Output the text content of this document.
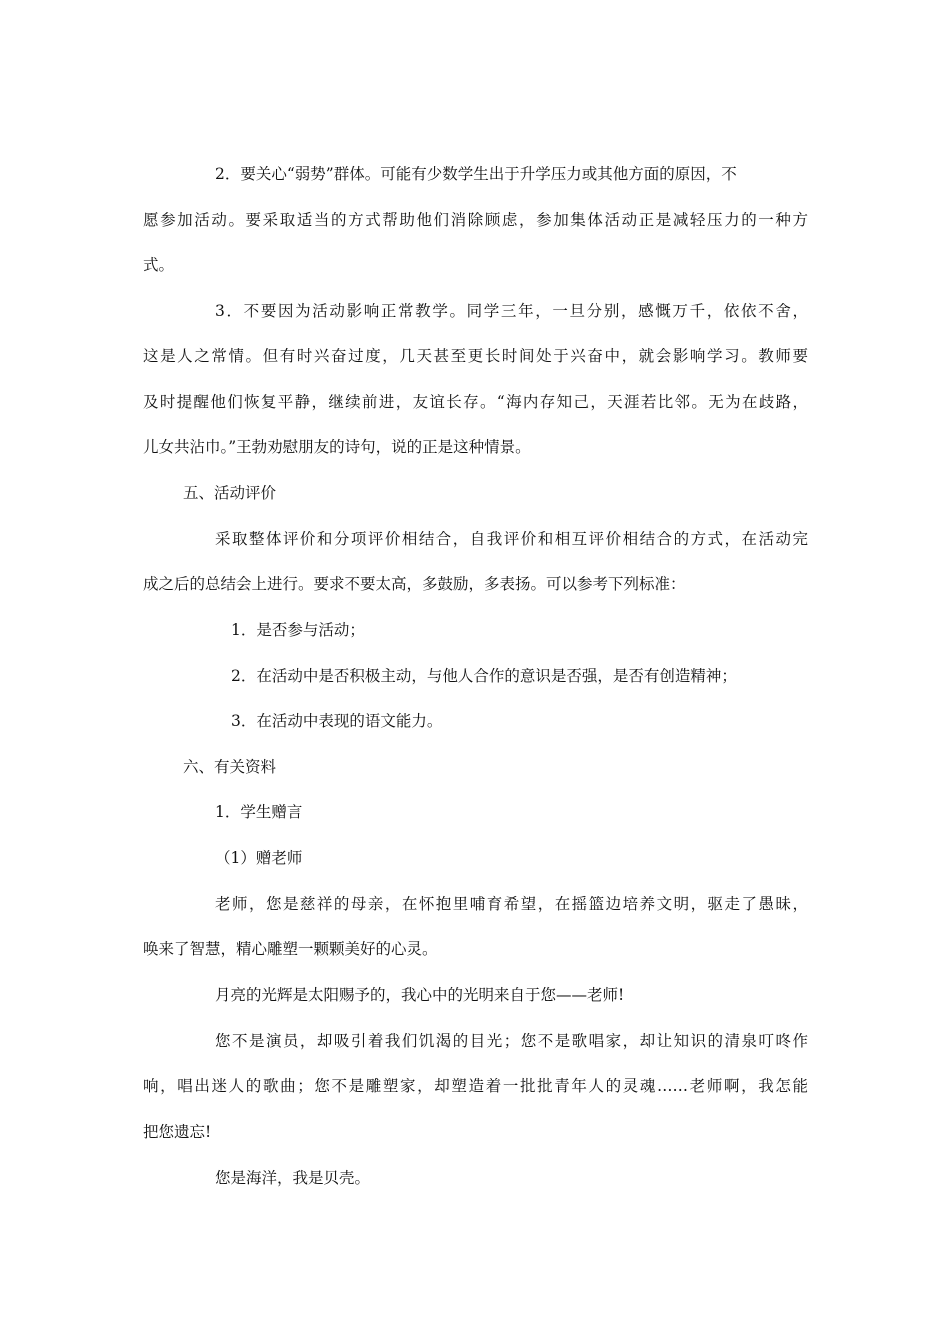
2．要关心“弱势”群体。可能有少数学生出于升学压力或其他方面的原因，不
愿参加活动。要采取适当的方式帮助他们消除顾虑，参加集体活动正是减轻压力的一种方
式。
3．不要因为活动影响正常教学。同学三年，一旦分别，感慨万千，依依不舍，
这是人之常情。但有时兴奋过度，几天甚至更长时间处于兴奋中，就会影响学习。教师要
及时提醒他们恢复平静，继续前进，友谊长存。“海内存知己，天涯若比邻。无为在歧路，
儿女共沾巾。”王勃劝慰朋友的诗句，说的正是这种情景。
五、活动评价
采取整体评价和分项评价相结合，自我评价和相互评价相结合的方式，在活动完
成之后的总结会上进行。要求不要太高，多鼓励，多表扬。可以参考下列标准：
1．是否参与活动；
2．在活动中是否积极主动，与他人合作的意识是否强，是否有创造精神；
3．在活动中表现的语文能力。
六、有关资料
1．学生赠言
（1）赠老师
老师，您是慈祥的母亲，在怀抱里哺育希望，在摇篮边培养文明，驱走了愚昧，
唤来了智慧，精心雕塑一颗颗美好的心灵。
月亮的光辉是太阳赐予的，我心中的光明来自于您——老师!
您不是演员，却吸引着我们饥渴的目光；您不是歌唱家，却让知识的清泉叮咚作
响，唱出迷人的歌曲；您不是雕塑家，却塑造着一批批青年人的灵魂……老师啊，我怎能
把您遗忘!
您是海洋，我是贝壳。
